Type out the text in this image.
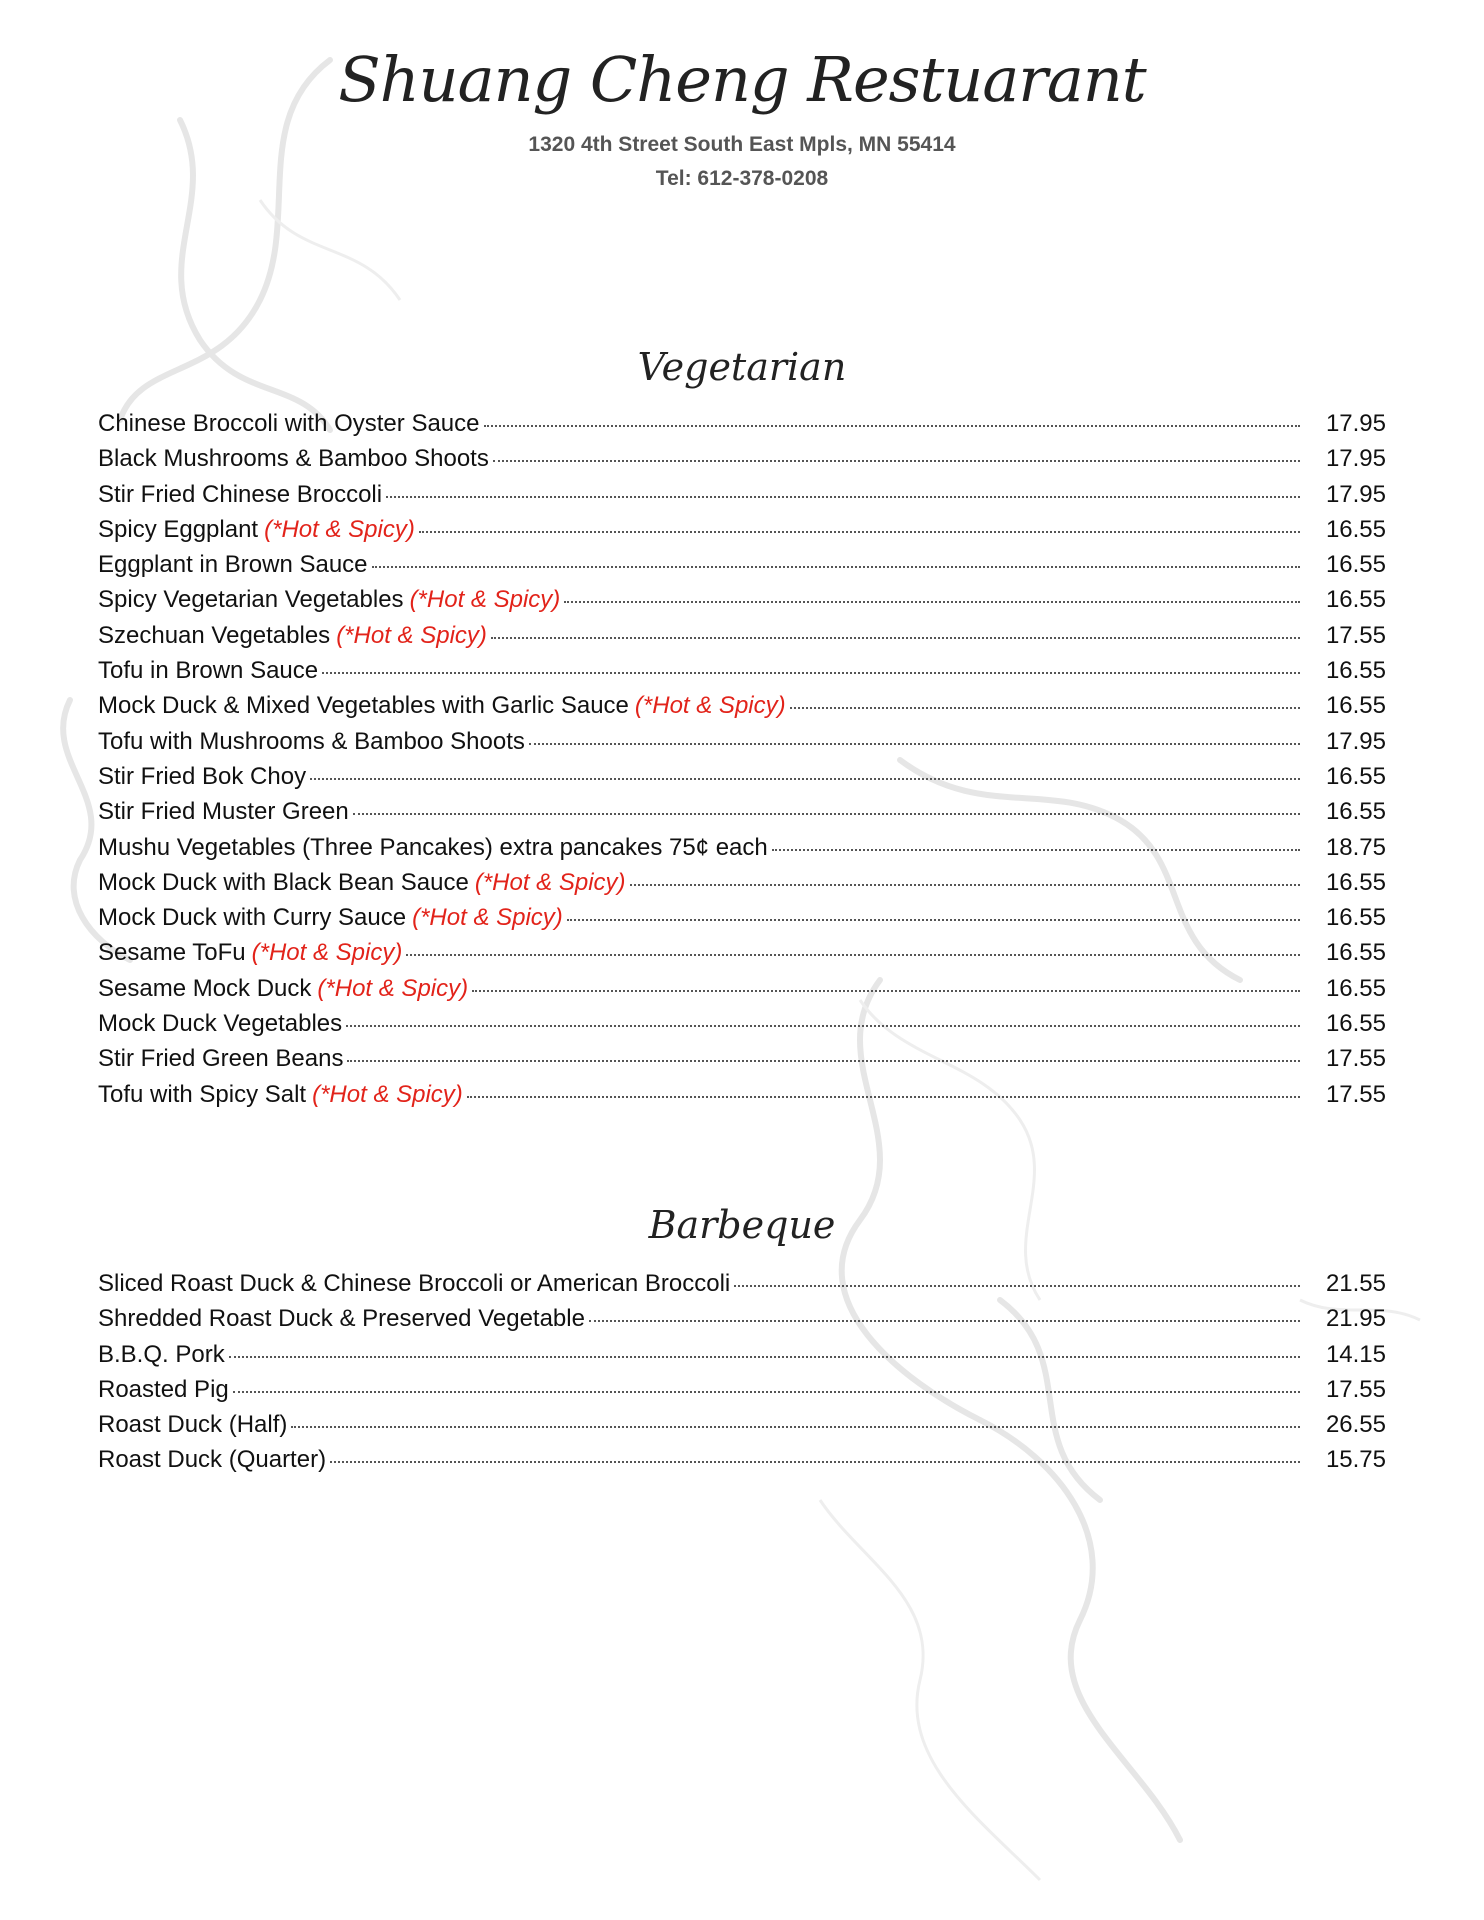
Shuang Cheng Restuarant
1320 4th Street South East Mpls, MN 55414
Tel: 612-378-0208
Vegetarian
Chinese Broccoli with Oyster Sauce	17.95
Black Mushrooms & Bamboo Shoots	17.95
Stir Fried Chinese Broccoli	17.95
Spicy Eggplant (*Hot & Spicy)	16.55
Eggplant in Brown Sauce	16.55
Spicy Vegetarian Vegetables (*Hot & Spicy)	16.55
Szechuan Vegetables (*Hot & Spicy)	17.55
Tofu in Brown Sauce	16.55
Mock Duck & Mixed Vegetables with Garlic Sauce (*Hot & Spicy)	16.55
Tofu with Mushrooms & Bamboo Shoots	17.95
Stir Fried Bok Choy	16.55
Stir Fried Muster Green	16.55
Mushu Vegetables (Three Pancakes) extra pancakes 75¢ each	18.75
Mock Duck with Black Bean Sauce (*Hot & Spicy)	16.55
Mock Duck with Curry Sauce (*Hot & Spicy)	16.55
Sesame ToFu (*Hot & Spicy)	16.55
Sesame Mock Duck (*Hot & Spicy)	16.55
Mock Duck Vegetables	16.55
Stir Fried Green Beans	17.55
Tofu with Spicy Salt (*Hot & Spicy)	17.55
Barbeque
Sliced Roast Duck & Chinese Broccoli or American Broccoli	21.55
Shredded Roast Duck & Preserved Vegetable	21.95
B.B.Q. Pork	14.15
Roasted Pig	17.55
Roast Duck (Half)	26.55
Roast Duck (Quarter)	15.75
